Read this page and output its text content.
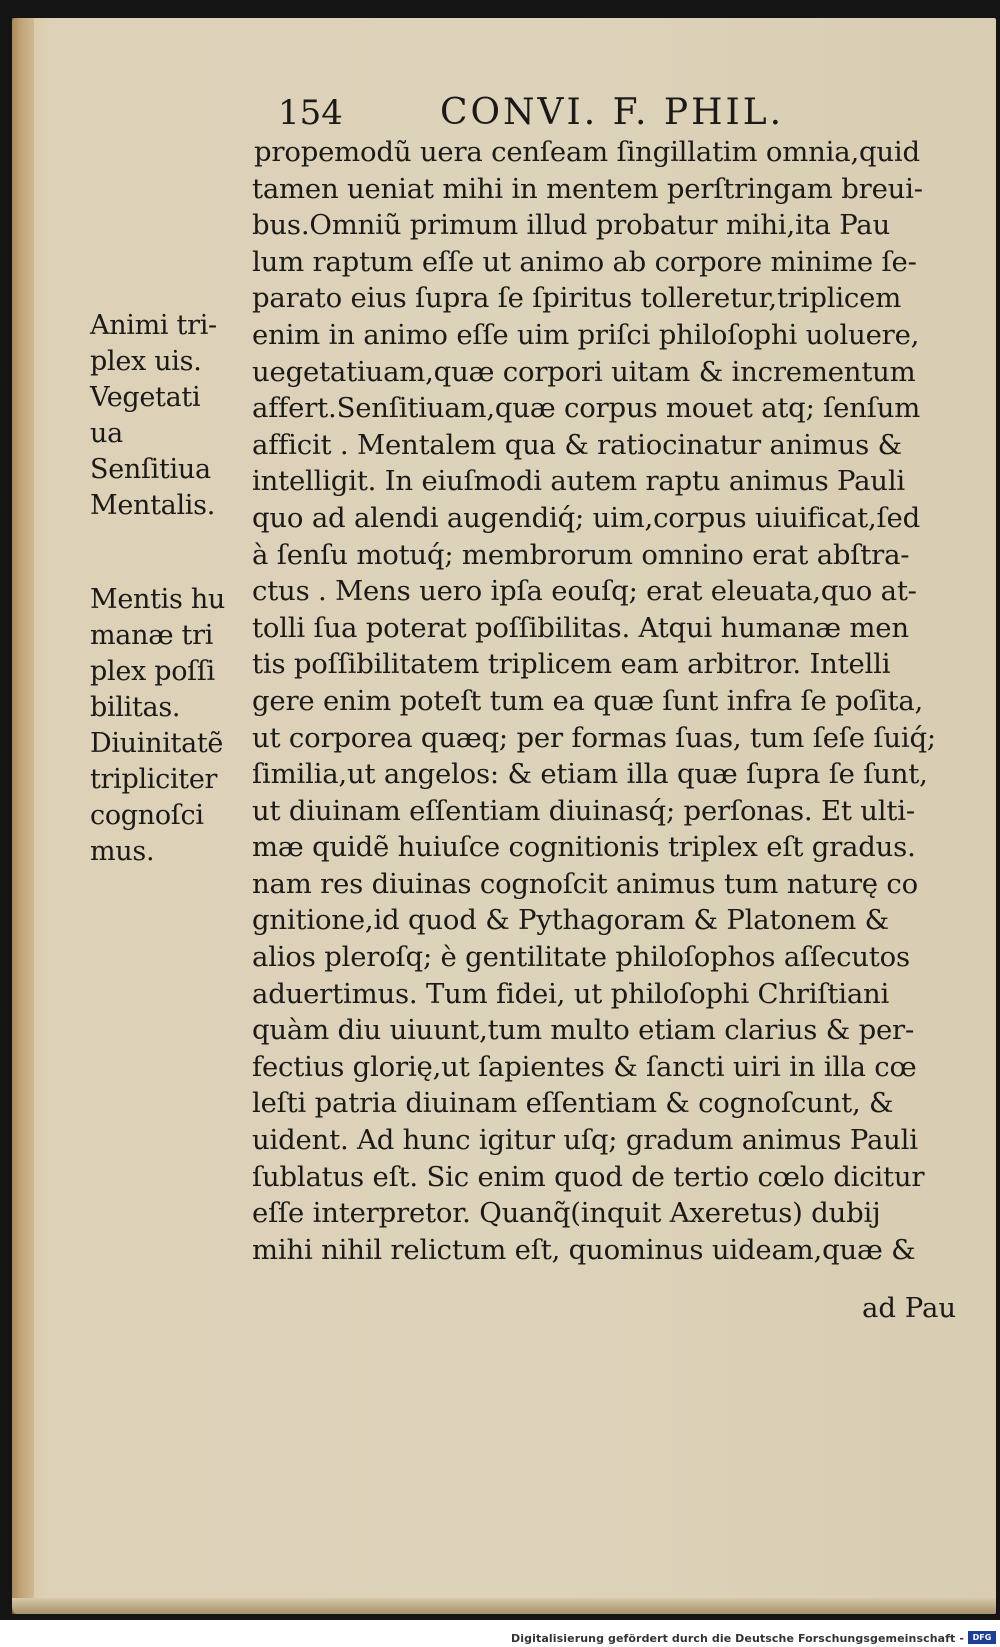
154	CONVI. F. PHIL.
propemodũ uera cenſeam ſingillatim omnia,quid
tamen ueniat mihi in mentem perſtringam breui-
bus.Omniũ primum illud probatur mihi,ita Pau
lum raptum eſſe ut animo ab corpore minime ſe-
parato eius ſupra ſe ſpiritus tolleretur,triplicem
enim in animo eſſe uim priſci philoſophi uoluere,
uegetatiuam,quæ corpori uitam & incrementum
affert.Senſitiuam,quæ corpus mouet atq; ſenſum
afficit . Mentalem qua & ratiocinatur animus &
intelligit. In eiuſmodi autem raptu animus Pauli
quo ad alendi augendiq́; uim,corpus uiuificat,ſed
à ſenſu motuq́; membrorum omnino erat abſtra-
ctus . Mens uero ipſa eouſq; erat eleuata,quo at-
tolli ſua poterat poſſibilitas. Atqui humanæ men
tis poſſibilitatem triplicem eam arbitror. Intelli
gere enim poteſt tum ea quæ ſunt infra ſe poſita,
ut corporea quæq; per formas ſuas, tum ſeſe ſuiq́;
ſimilia,ut angelos: & etiam illa quæ ſupra ſe ſunt,
ut diuinam eſſentiam diuinasq́; perſonas. Et ulti-
mæ quidẽ huiuſce cognitionis triplex eſt gradus.
nam res diuinas cognoſcit animus tum naturę co
gnitione,id quod & Pythagoram & Platonem &
alios pleroſq; è gentilitate philoſophos aſſecutos
aduertimus. Tum fidei, ut philoſophi Chriſtiani
quàm diu uiuunt,tum multo etiam clarius & per-
fectius glorię,ut ſapientes & ſancti uiri in illa cœ
leſti patria diuinam eſſentiam & cognoſcunt, &
uident. Ad hunc igitur uſq; gradum animus Pauli
ſublatus eſt. Sic enim quod de tertio cœlo dicitur
eſſe interpretor. Quanq̃(inquit Axeretus) dubij
mihi nihil relictum eſt, quominus uideam,quæ &
Animi tri-
plex uis.
Vegetati
ua
Senſitiua
Mentalis.
Mentis hu
manæ tri
plex poſſi
bilitas.
Diuinitatẽ
tripliciter
cognoſci
mus.
ad Pau
Digitalisierung gefördert durch die Deutsche Forschungsgemeinschaft -	DFG
